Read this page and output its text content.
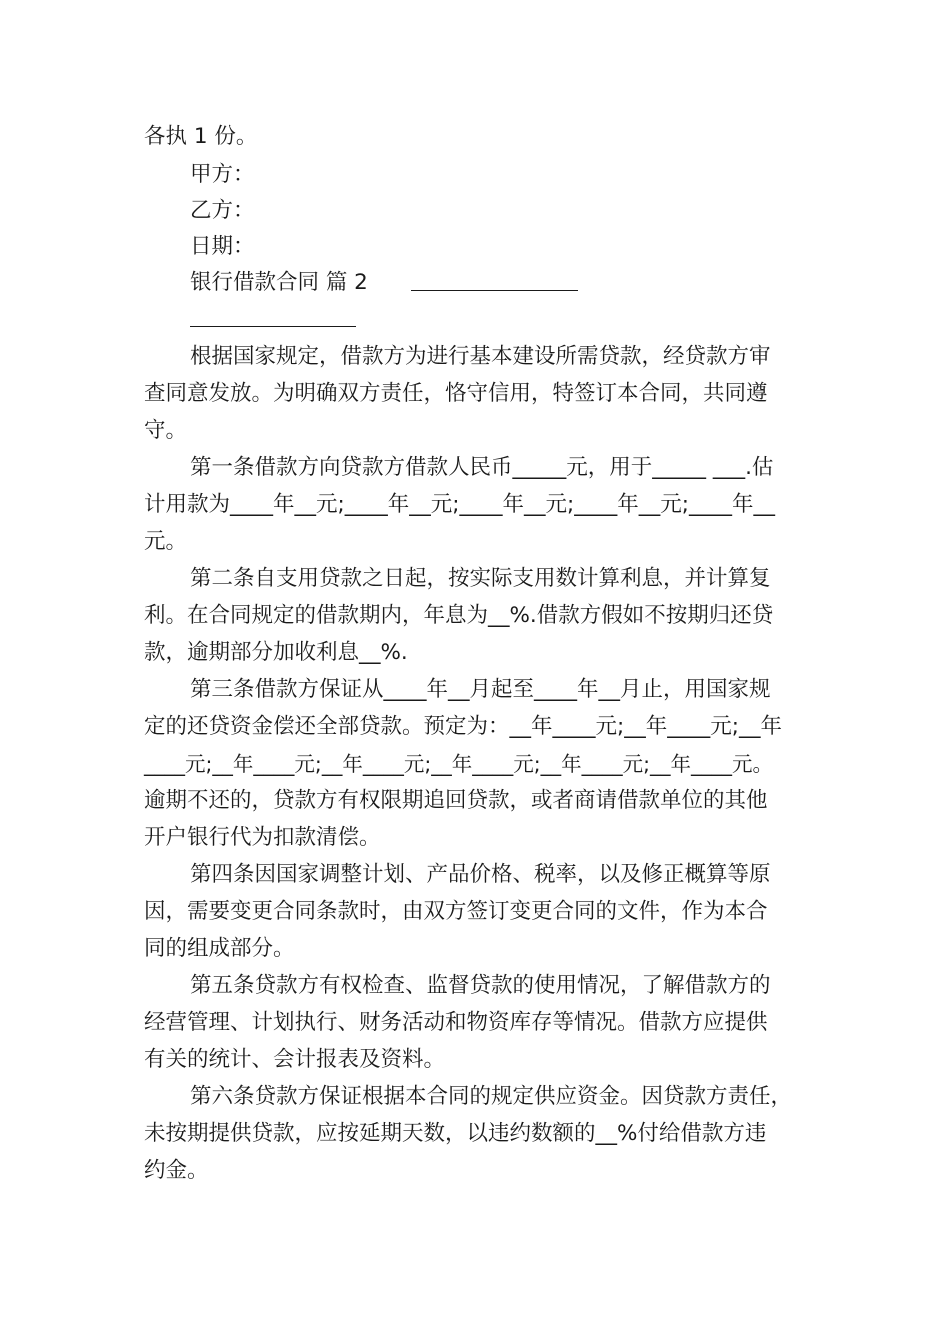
各执 1 份。

甲方：

乙方：

日期：

银行借款合同 篇 2

根据国家规定，借款方为进行基本建设所需贷款，经贷款方审

查同意发放。为明确双方责任，恪守信用，特签订本合同，共同遵

守。

第一条借款方向贷款方借款人民币_____元，用于_____ ___.估

计用款为____年__元;____年__元;____年__元;____年__元;____年__

元。

第二条自支用贷款之日起，按实际支用数计算利息，并计算复

利。在合同规定的借款期内，年息为__%.借款方假如不按期归还贷

款，逾期部分加收利息__%.

第三条借款方保证从____年__月起至____年__月止，用国家规

定的还贷资金偿还全部贷款。预定为：__年____元;__年____元;__年

____元;__年____元;__年____元;__年____元;__年____元;__年____元。

逾期不还的，贷款方有权限期追回贷款，或者商请借款单位的其他

开户银行代为扣款清偿。

第四条因国家调整计划、产品价格、税率，以及修正概算等原

因，需要变更合同条款时，由双方签订变更合同的文件，作为本合

同的组成部分。

第五条贷款方有权检查、监督贷款的使用情况，了解借款方的

经营管理、计划执行、财务活动和物资库存等情况。借款方应提供

有关的统计、会计报表及资料。

第六条贷款方保证根据本合同的规定供应资金。因贷款方责任，

未按期提供贷款，应按延期天数，以违约数额的__%付给借款方违

约金。
